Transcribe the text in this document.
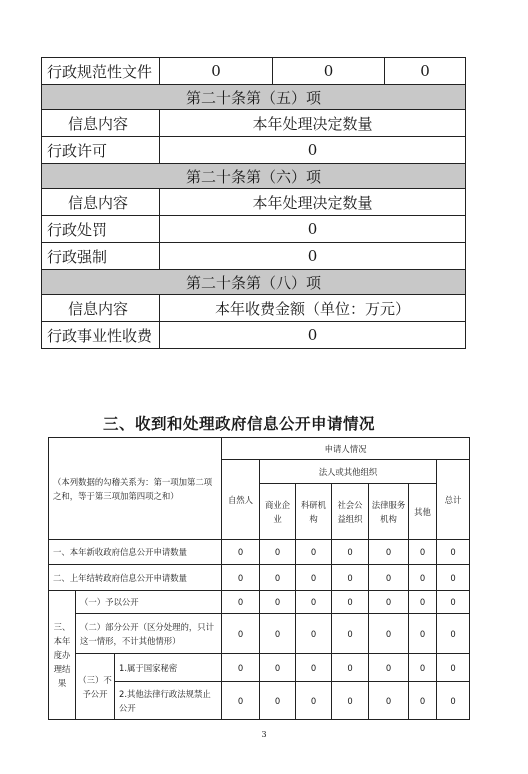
行政规范性文件	0	0	0
第二十条第（五）项			
信息内容	本年处理决定数量		
行政许可	0		
第二十条第（六）项			
信息内容	本年处理决定数量		
行政处罚	0		
行政强制	0		
第二十条第（八）项			
信息内容	本年收费金额（单位：万元）		
行政事业性收费	0		
三、收到和处理政府信息公开申请情况
（本列数据的勾稽关系为：第一项加第二项之和，等于第三项加第四项之和）			申请人情况						
			自然人	法人或其他组织					总计
				商业企业	科研机构	社会公益组织	法律服务机构	其他	
一、本年新收政府信息公开申请数量			0	0	0	0	0	0	0
二、上年结转政府信息公开申请数量			0	0	0	0	0	0	0
三、本年度办理结果	（一）予以公开		0	0	0	0	0	0	0
	（二）部分公开（区分处理的，只计这一情形，不计其他情形）		0	0	0	0	0	0	0
	（三）不予公开	1.属于国家秘密	0	0	0	0	0	0	0
		2.其他法律行政法规禁止公开	0	0	0	0	0	0	0
3
